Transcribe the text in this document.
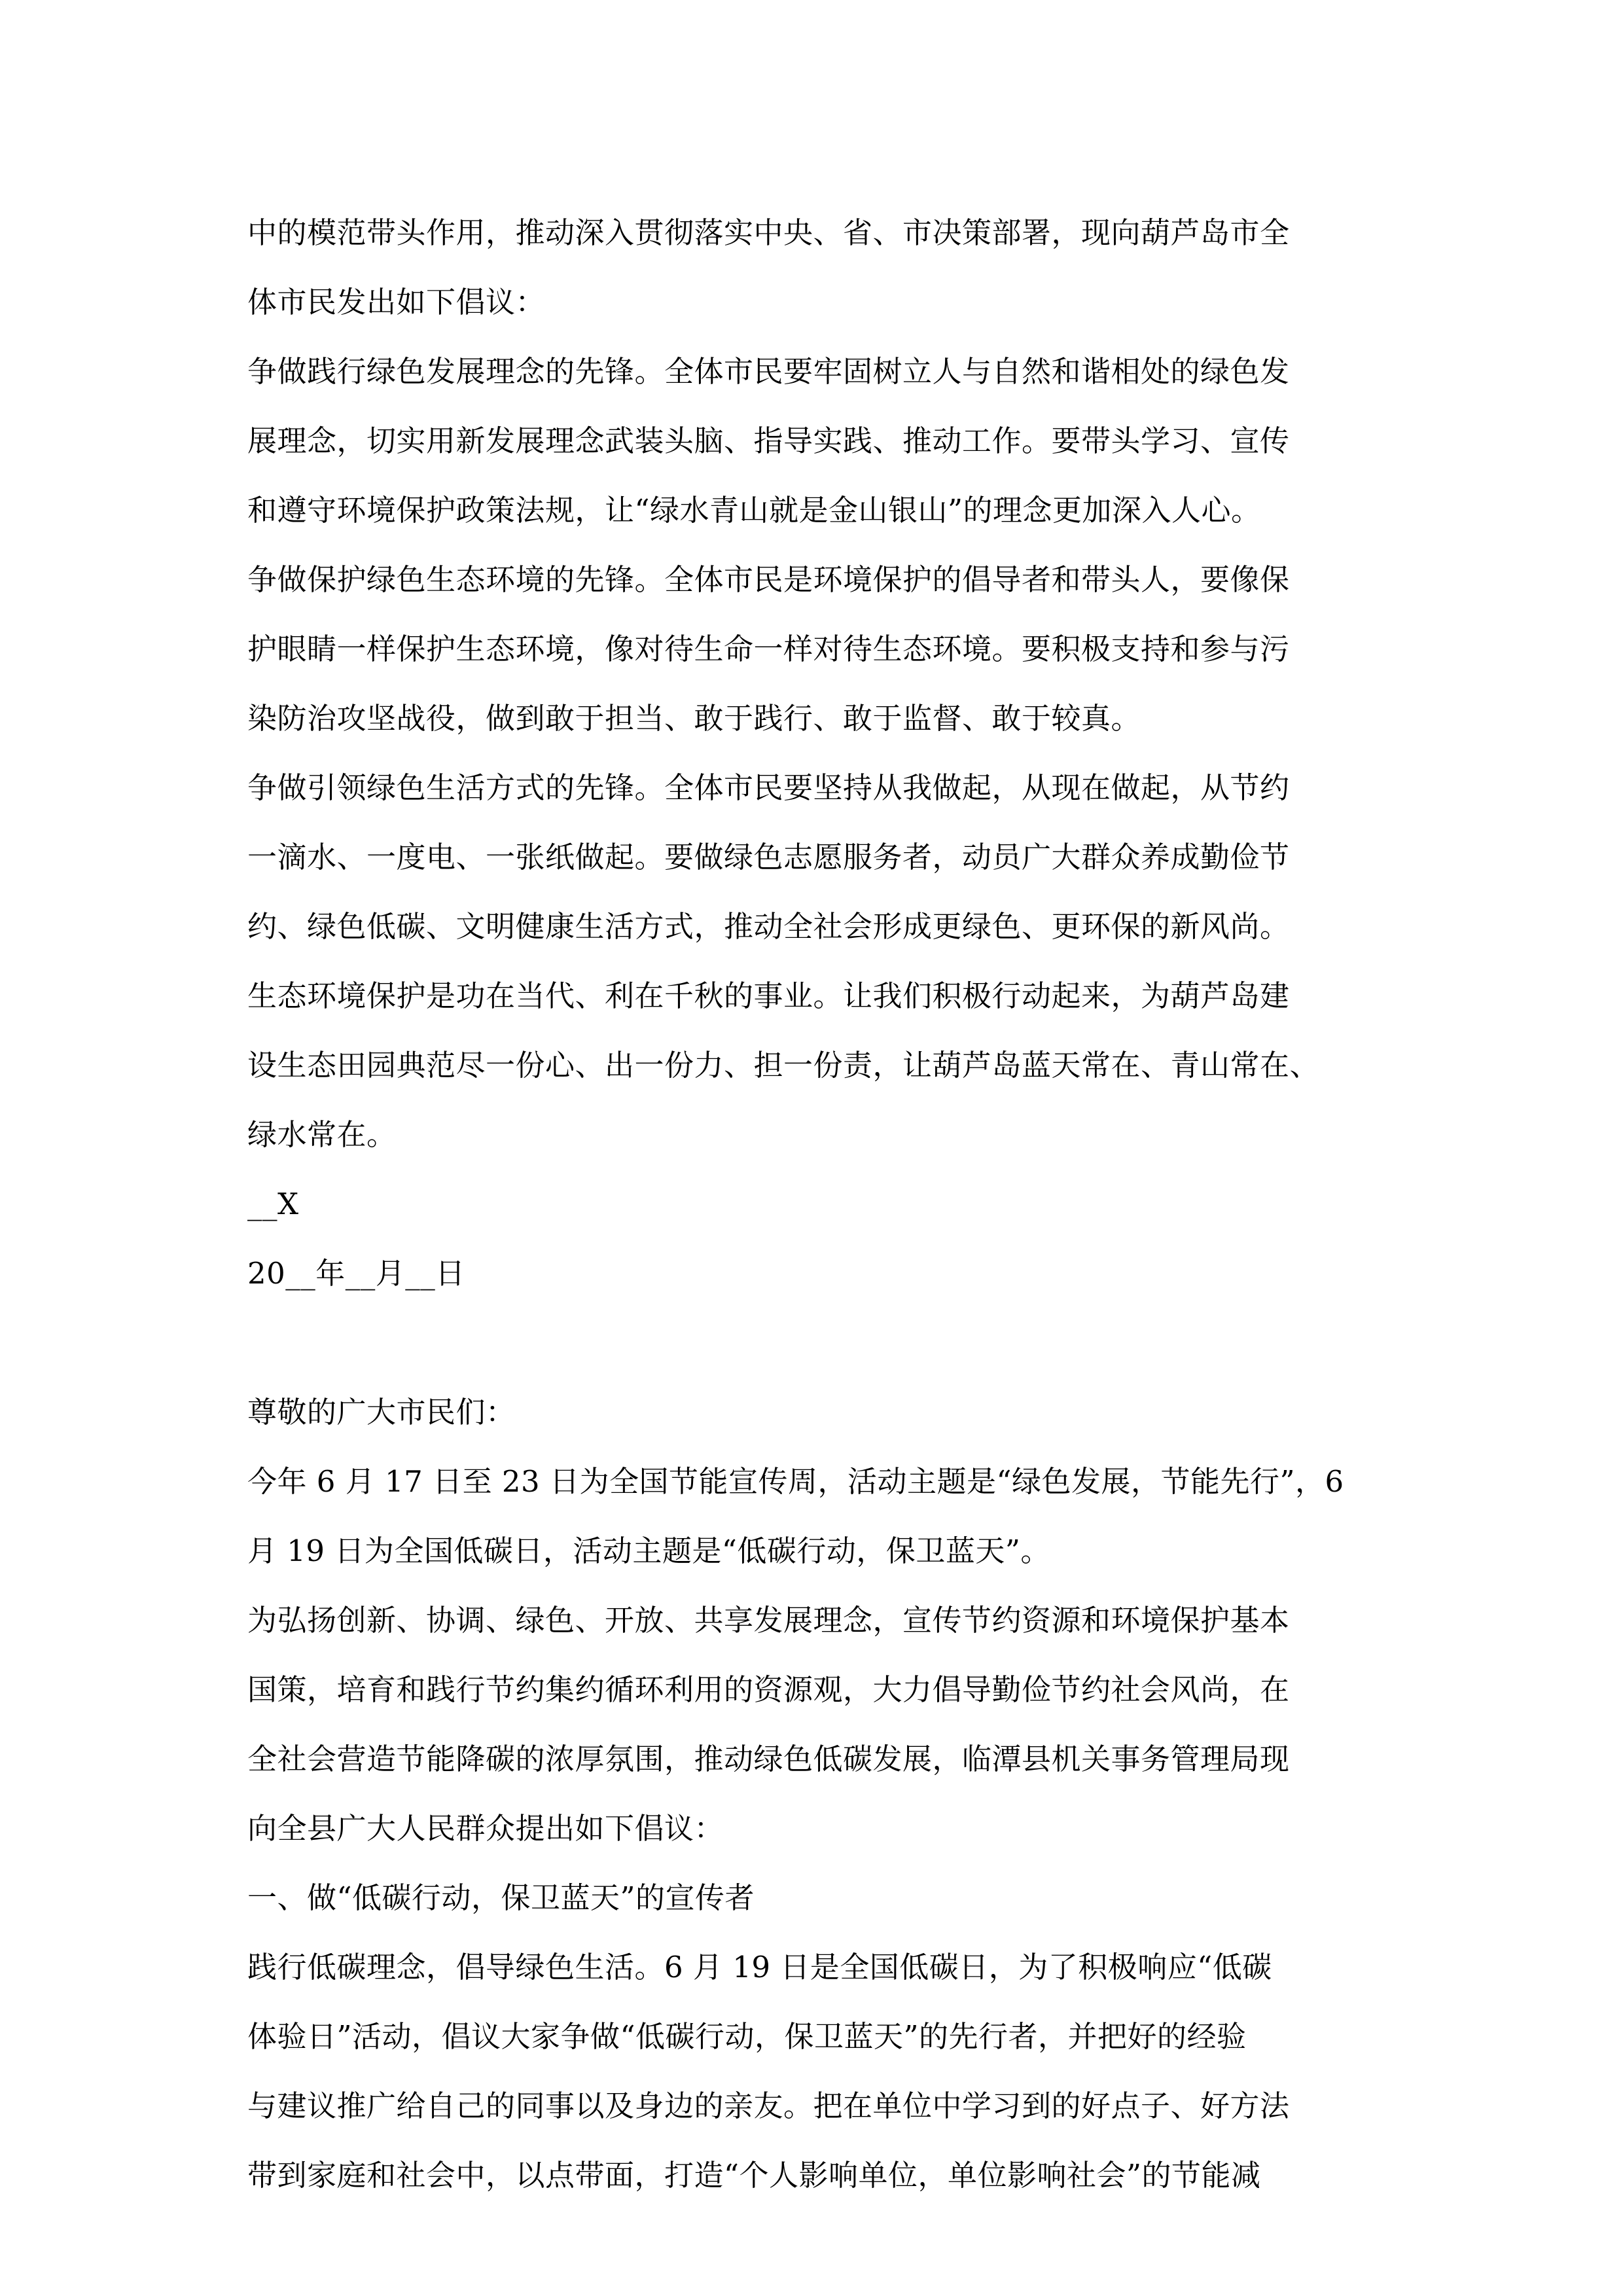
中的模范带头作用，推动深入贯彻落实中央、省、市决策部署，现向葫芦岛市全
体市民发出如下倡议：
争做践行绿色发展理念的先锋。全体市民要牢固树立人与自然和谐相处的绿色发
展理念，切实用新发展理念武装头脑、指导实践、推动工作。要带头学习、宣传
和遵守环境保护政策法规，让“绿水青山就是金山银山”的理念更加深入人心。
争做保护绿色生态环境的先锋。全体市民是环境保护的倡导者和带头人，要像保
护眼睛一样保护生态环境，像对待生命一样对待生态环境。要积极支持和参与污
染防治攻坚战役，做到敢于担当、敢于践行、敢于监督、敢于较真。
争做引领绿色生活方式的先锋。全体市民要坚持从我做起，从现在做起，从节约
一滴水、一度电、一张纸做起。要做绿色志愿服务者，动员广大群众养成勤俭节
约、绿色低碳、文明健康生活方式，推动全社会形成更绿色、更环保的新风尚。
生态环境保护是功在当代、利在千秋的事业。让我们积极行动起来，为葫芦岛建
设生态田园典范尽一份心、出一份力、担一份责，让葫芦岛蓝天常在、青山常在、
绿水常在。
__X
20__年__月__日
尊敬的广大市民们：
今年 6 月 17 日至 23 日为全国节能宣传周，活动主题是“绿色发展，节能先行”，6
月 19 日为全国低碳日，活动主题是“低碳行动，保卫蓝天”。
为弘扬创新、协调、绿色、开放、共享发展理念，宣传节约资源和环境保护基本
国策，培育和践行节约集约循环利用的资源观，大力倡导勤俭节约社会风尚，在
全社会营造节能降碳的浓厚氛围，推动绿色低碳发展，临潭县机关事务管理局现
向全县广大人民群众提出如下倡议：
一、做“低碳行动，保卫蓝天”的宣传者
践行低碳理念，倡导绿色生活。6 月 19 日是全国低碳日，为了积极响应“低碳
体验日”活动，倡议大家争做“低碳行动，保卫蓝天”的先行者，并把好的经验
与建议推广给自己的同事以及身边的亲友。把在单位中学习到的好点子、好方法
带到家庭和社会中，以点带面，打造“个人影响单位，单位影响社会”的节能减
